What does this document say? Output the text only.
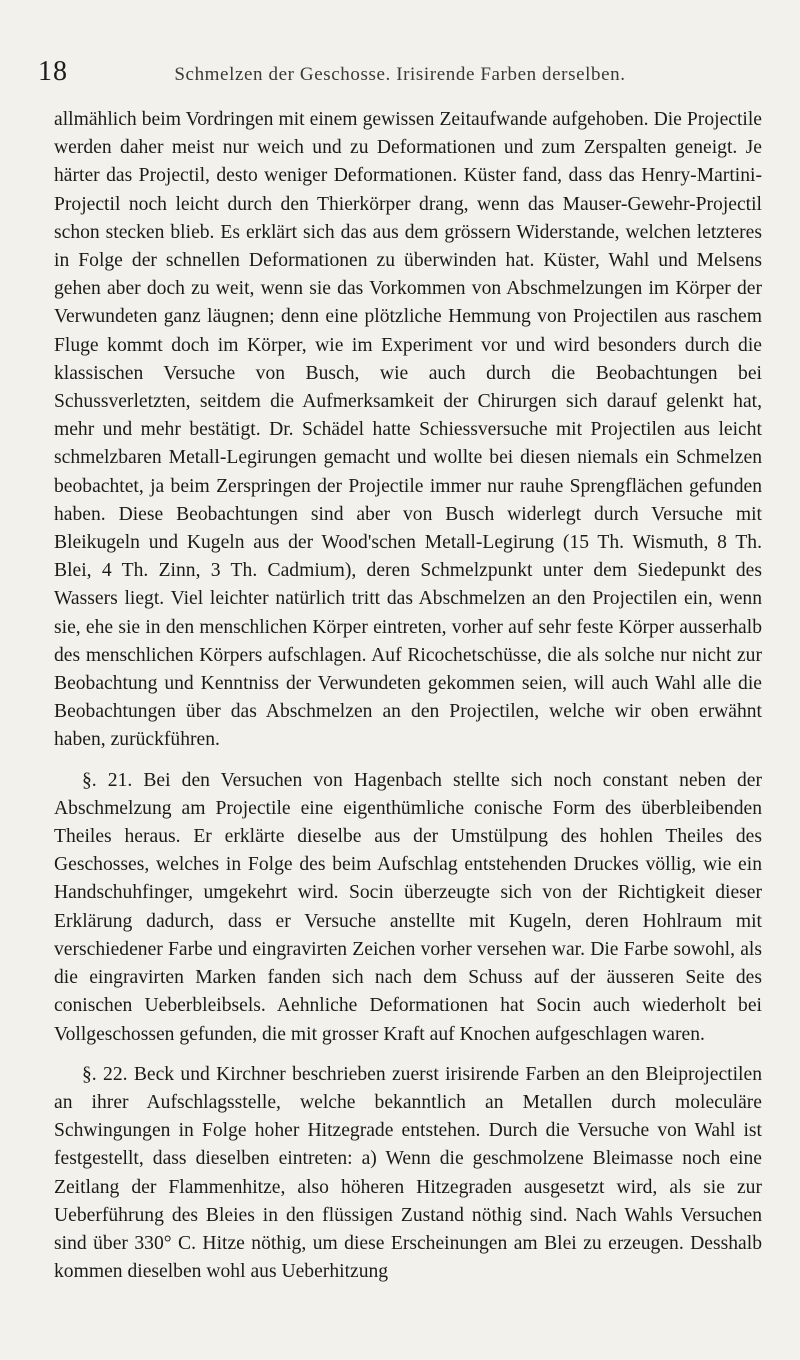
18	Schmelzen der Geschosse. Irisirende Farben derselben.

allmählich beim Vordringen mit einem gewissen Zeitaufwande aufgehoben. Die Projectile werden daher meist nur weich und zu Deformationen und zum Zerspalten geneigt. Je härter das Projectil, desto weniger Deformationen. Küster fand, dass das Henry-Martini-Projectil noch leicht durch den Thierkörper drang, wenn das Mauser-Gewehr-Projectil schon stecken blieb. Es erklärt sich das aus dem grössern Widerstande, welchen letzteres in Folge der schnellen Deformationen zu überwinden hat. Küster, Wahl und Melsens gehen aber doch zu weit, wenn sie das Vorkommen von Abschmelzungen im Körper der Verwundeten ganz läugnen; denn eine plötzliche Hemmung von Projectilen aus raschem Fluge kommt doch im Körper, wie im Experiment vor und wird besonders durch die klassischen Versuche von Busch, wie auch durch die Beobachtungen bei Schussverletzten, seitdem die Aufmerksamkeit der Chirurgen sich darauf gelenkt hat, mehr und mehr bestätigt. Dr. Schädel hatte Schiessversuche mit Projectilen aus leicht schmelzbaren Metall-Legirungen gemacht und wollte bei diesen niemals ein Schmelzen beobachtet, ja beim Zerspringen der Projectile immer nur rauhe Sprengflächen gefunden haben. Diese Beobachtungen sind aber von Busch widerlegt durch Versuche mit Bleikugeln und Kugeln aus der Wood'schen Metall-Legirung (15 Th. Wismuth, 8 Th. Blei, 4 Th. Zinn, 3 Th. Cadmium), deren Schmelzpunkt unter dem Siedepunkt des Wassers liegt. Viel leichter natürlich tritt das Abschmelzen an den Projectilen ein, wenn sie, ehe sie in den menschlichen Körper eintreten, vorher auf sehr feste Körper ausserhalb des menschlichen Körpers aufschlagen. Auf Ricochetschüsse, die als solche nur nicht zur Beobachtung und Kenntniss der Verwundeten gekommen seien, will auch Wahl alle die Beobachtungen über das Abschmelzen an den Projectilen, welche wir oben erwähnt haben, zurückführen.

§. 21. Bei den Versuchen von Hagenbach stellte sich noch constant neben der Abschmelzung am Projectile eine eigenthümliche conische Form des überbleibenden Theiles heraus. Er erklärte dieselbe aus der Umstülpung des hohlen Theiles des Geschosses, welches in Folge des beim Aufschlag entstehenden Druckes völlig, wie ein Handschuhfinger, umgekehrt wird. Socin überzeugte sich von der Richtigkeit dieser Erklärung dadurch, dass er Versuche anstellte mit Kugeln, deren Hohlraum mit verschiedener Farbe und eingravirten Zeichen vorher versehen war. Die Farbe sowohl, als die eingravirten Marken fanden sich nach dem Schuss auf der äusseren Seite des conischen Ueberbleibsels. Aehnliche Deformationen hat Socin auch wiederholt bei Vollgeschossen gefunden, die mit grosser Kraft auf Knochen aufgeschlagen waren.

§. 22. Beck und Kirchner beschrieben zuerst irisirende Farben an den Bleiprojectilen an ihrer Aufschlagsstelle, welche bekanntlich an Metallen durch moleculäre Schwingungen in Folge hoher Hitzegrade entstehen. Durch die Versuche von Wahl ist festgestellt, dass dieselben eintreten: a) Wenn die geschmolzene Bleimasse noch eine Zeitlang der Flammenhitze, also höheren Hitzegraden ausgesetzt wird, als sie zur Ueberführung des Bleies in den flüssigen Zustand nöthig sind. Nach Wahls Versuchen sind über 330° C. Hitze nöthig, um diese Erscheinungen am Blei zu erzeugen. Desshalb kommen dieselben wohl aus Ueberhitzung
